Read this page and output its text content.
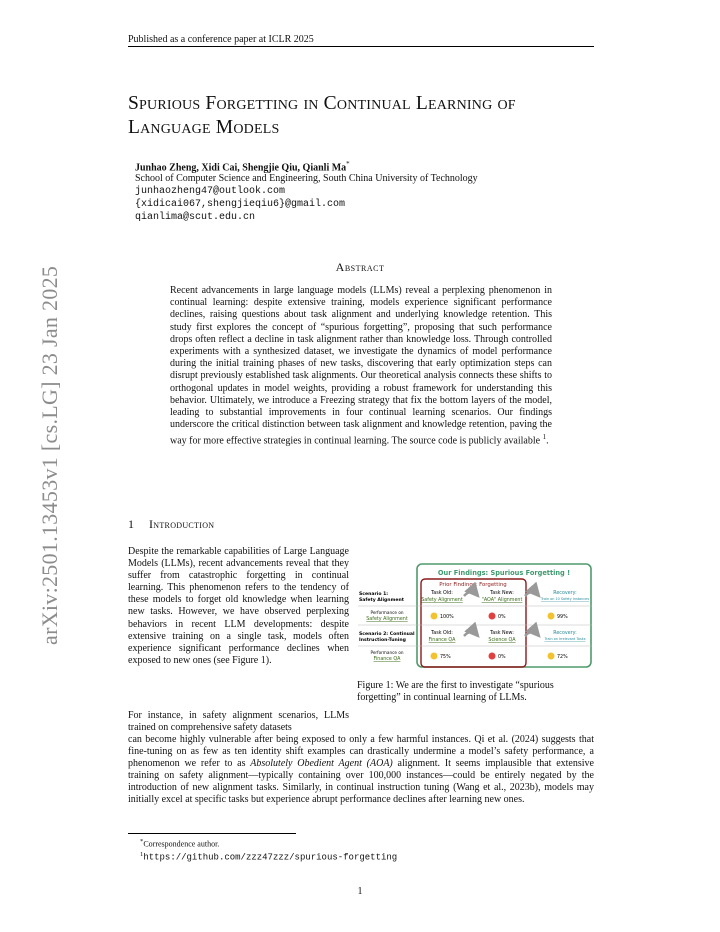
Published as a conference paper at ICLR 2025
arXiv:2501.13453v1 [cs.LG] 23 Jan 2025
Spurious Forgetting in Continual Learning of
Language Models
Junhao Zheng, Xidi Cai, Shengjie Qiu, Qianli Ma*
School of Computer Science and Engineering, South China University of Technology
junhaozheng47@outlook.com
{xidicai067,shengjieqiu6}@gmail.com
qianlima@scut.edu.cn
Abstract
Recent advancements in large language models (LLMs) reveal a perplexing phenomenon in continual learning: despite extensive training, models experience significant performance declines, raising questions about task alignment and underlying knowledge retention. This study first explores the concept of “spurious forgetting”, proposing that such performance drops often reflect a decline in task alignment rather than knowledge loss. Through controlled experiments with a synthesized dataset, we investigate the dynamics of model performance during the initial training phases of new tasks, discovering that early optimization steps can disrupt previously established task alignments. Our theoretical analysis connects these shifts to orthogonal updates in model weights, providing a robust framework for understanding this behavior. Ultimately, we introduce a Freezing strategy that fix the bottom layers of the model, leading to substantial improvements in four continual learning scenarios. Our findings underscore the critical distinction between task alignment and knowledge retention, paving the way for more effective strategies in continual learning. The source code is publicly available $^1$.
1 Introduction
Despite the remarkable capabilities of Large Language Models (LLMs), recent advancements reveal that they suffer from catastrophic forgetting in continual learning. This phenomenon refers to the tendency of these models to forget old knowledge when learning new tasks. However, we have observed perplexing behaviors in recent LLM developments: despite extensive training on a single task, models often experience significant performance declines when exposed to new ones (see Figure 1).
For instance, in safety alignment scenarios, LLMs trained on comprehensive safety datasets
can become highly vulnerable after being exposed to only a few harmful instances. Qi et al. (2024) suggests that fine-tuning on as few as ten identity shift examples can drastically undermine a model’s safety performance, a phenomenon we refer to as Absolutely Obedient Agent (AOA) alignment. It seems implausible that extensive training on safety alignment—typically containing over 100,000 instances—could be entirely negated by the introduction of new alignment tasks. Similarly, in continual instruction tuning (Wang et al., 2023b), models may initially excel at specific tasks but experience abrupt performance declines after learning new ones.
Our Findings: Spurious Forgetting !
Prior Findings: Forgetting
Scenario 1:
Safety Alignment
Task Old:
Safety Alignment
Task New:
"AOA" Alignment
Recovery:
Train on 10 Safety Instances
Performance on
Safety Alignment	100%	0%	99%
Scenario 2: Continual
Instruction-Tuning
Task Old:
Finance QA
Task New:
Science QA
Recovery:
Train on Irrelevant Tasks
Performance on
Finance QA	75%	0%	72%
Figure 1: We are the first to investigate “spurious forgetting” in continual learning of LLMs.
*Correspondence author.
$^1$https://github.com/zzz47zzz/spurious-forgetting
1
